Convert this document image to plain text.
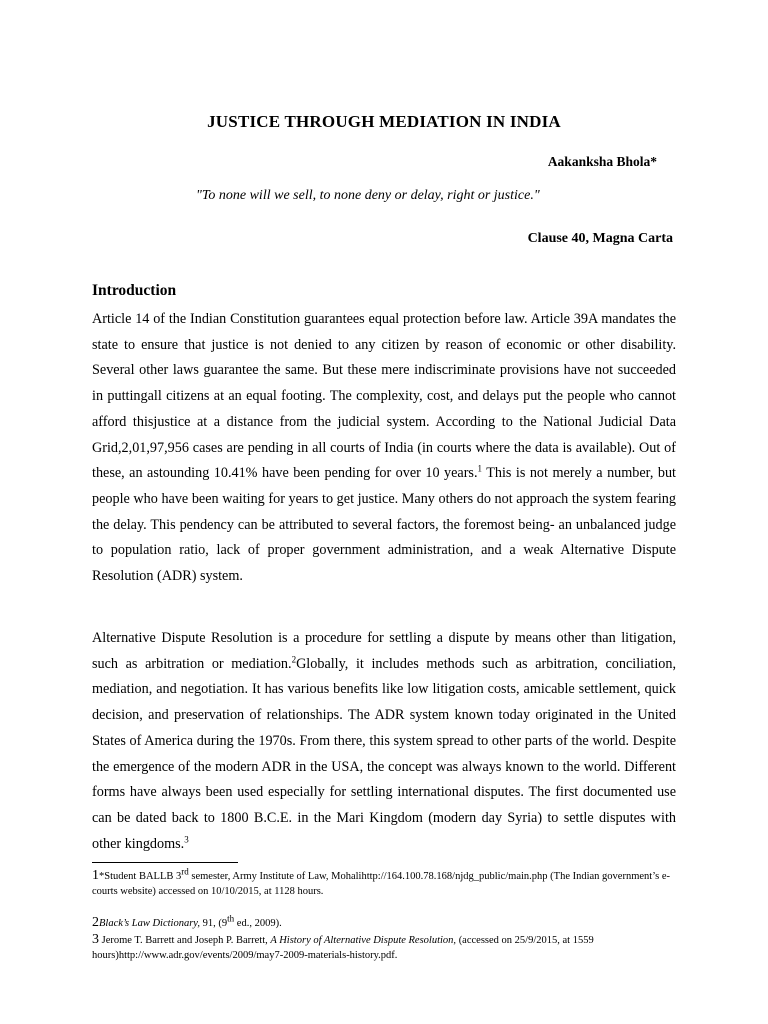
JUSTICE THROUGH MEDIATION IN INDIA
Aakanksha Bhola*
"To none will we sell, to none deny or delay, right or justice."
Clause 40, Magna Carta
Introduction

Article 14 of the Indian Constitution guarantees equal protection before law. Article 39A mandates the state to ensure that justice is not denied to any citizen by reason of economic or other disability. Several other laws guarantee the same. But these mere indiscriminate provisions have not succeeded in puttingall citizens at an equal footing. The complexity, cost, and delays put the people who cannot afford thisjustice at a distance from the judicial system. According to the National Judicial Data Grid,2,01,97,956 cases are pending in all courts of India (in courts where the data is available). Out of these, an astounding 10.41% have been pending for over 10 years.$^1$ This is not merely a number, but people who have been waiting for years to get justice. Many others do not approach the system fearing the delay. This pendency can be attributed to several factors, the foremost being- an unbalanced judge to population ratio, lack of proper government administration, and a weak Alternative Dispute Resolution (ADR) system.

Alternative Dispute Resolution is a procedure for settling a dispute by means other than litigation, such as arbitration or mediation.$^2$Globally, it includes methods such as arbitration, conciliation, mediation, and negotiation. It has various benefits like low litigation costs, amicable settlement, quick decision, and preservation of relationships. The ADR system known today originated in the United States of America during the 1970s. From there, this system spread to other parts of the world. Despite the emergence of the modern ADR in the USA, the concept was always known to the world. Different forms have always been used especially for settling international disputes. The first documented use can be dated back to 1800 B.C.E. in the Mari Kingdom (modern day Syria) to settle disputes with other kingdoms.$^3$

1*Student BALLB 3rd semester, Army Institute of Law, Mohalihttp://164.100.78.168/njdg_public/main.php (The Indian government’s e-courts website) accessed on 10/10/2015, at 1128 hours.

2Black’s Law Dictionary, 91, (9th ed., 2009).

3 Jerome T. Barrett and Joseph P. Barrett, A History of Alternative Dispute Resolution, (accessed on 25/9/2015, at 1559 hours)http://www.adr.gov/events/2009/may7-2009-materials-history.pdf.
